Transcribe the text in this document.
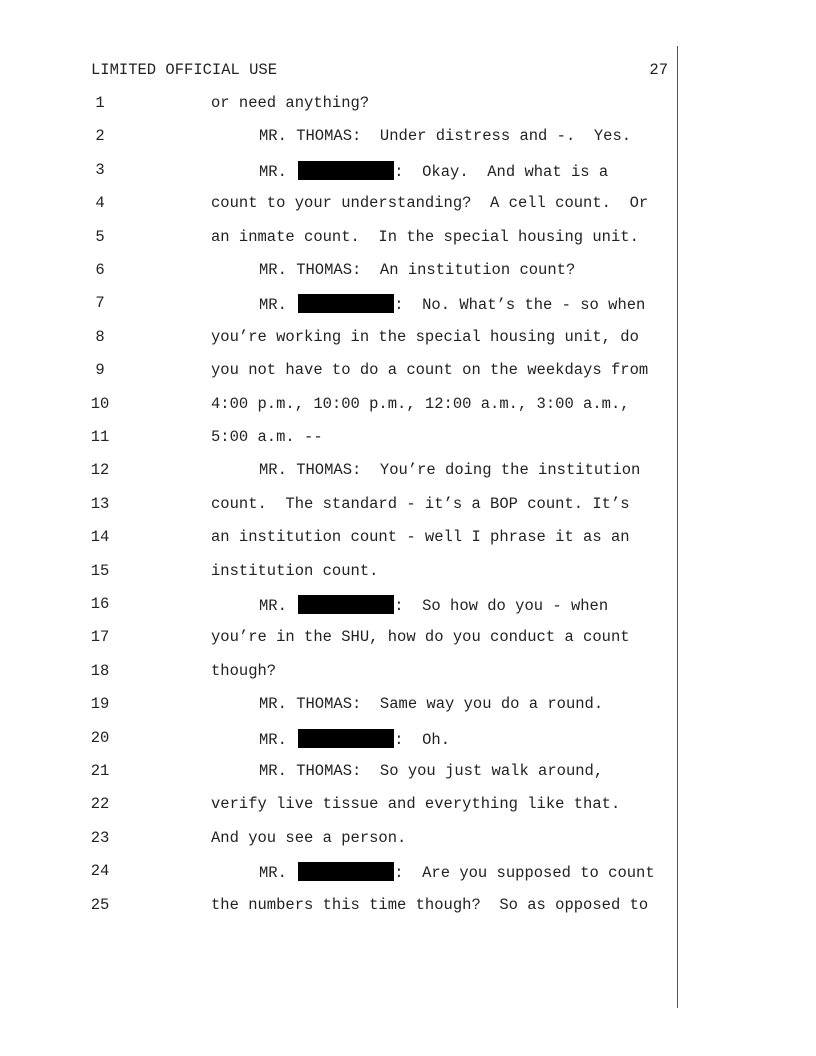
LIMITED OFFICIAL USE	27
1	or need anything?
2	MR. THOMAS:  Under distress and -.  Yes.
3	MR.	:  Okay.  And what is a
4	count to your understanding?  A cell count.  Or
5	an inmate count.  In the special housing unit.
6	MR. THOMAS:  An institution count?
7	MR.	:  No. What’s the - so when
8	you’re working in the special housing unit, do
9	you not have to do a count on the weekdays from
10	4:00 p.m., 10:00 p.m., 12:00 a.m., 3:00 a.m.,
11	5:00 a.m. --
12	MR. THOMAS:  You’re doing the institution
13	count.  The standard - it’s a BOP count. It’s
14	an institution count - well I phrase it as an
15	institution count.
16	MR.	:  So how do you - when
17	you’re in the SHU, how do you conduct a count
18	though?
19	MR. THOMAS:  Same way you do a round.
20	MR.	:  Oh.
21	MR. THOMAS:  So you just walk around,
22	verify live tissue and everything like that.
23	And you see a person.
24	MR.	:  Are you supposed to count
25	the numbers this time though?  So as opposed to
